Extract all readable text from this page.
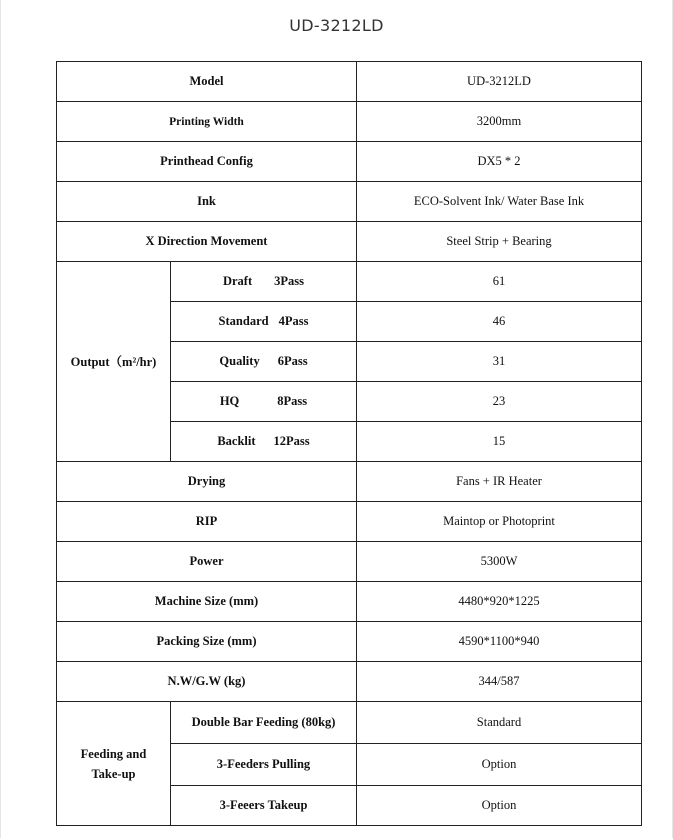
UD-3212LD
Model		UD-3212LD
Printing Width		3200mm
Printhead Config		DX5 * 2
Ink		ECO-Solvent Ink/ Water Base Ink
X Direction Movement		Steel Strip + Bearing
Output（m²/hr)	Draft 3Pass	61
	Standard 4Pass	46
	Quality 6Pass	31
	HQ 8Pass	23
	Backlit 12Pass	15
Drying		Fans + IR Heater
RIP		Maintop or Photoprint
Power		5300W
Machine Size (mm)		4480*920*1225
Packing Size (mm)		4590*1100*940
N.W/G.W (kg)		344/587
Feeding and
Take-up	Double Bar Feeding (80kg)	Standard
	3-Feeders Pulling	Option
	3-Feeers Takeup	Option
